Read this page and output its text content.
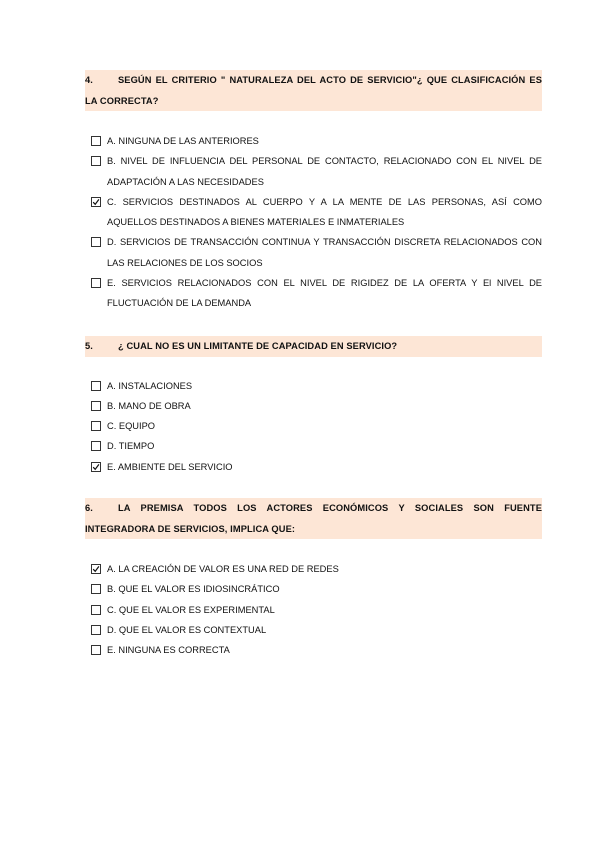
4.	SEGÚN EL CRITERIO " NATURALEZA DEL ACTO DE SERVICIO"¿ QUE CLASIFICACIÓN ES LA CORRECTA?
A. NINGUNA DE LAS ANTERIORES
B. NIVEL DE INFLUENCIA DEL PERSONAL DE CONTACTO, RELACIONADO CON EL NIVEL DE ADAPTACIÓN A LAS NECESIDADES
C. SERVICIOS DESTINADOS AL CUERPO Y A LA MENTE DE LAS PERSONAS, ASÍ COMO AQUELLOS DESTINADOS A BIENES MATERIALES E INMATERIALES
D. SERVICIOS DE TRANSACCIÓN CONTINUA Y TRANSACCIÓN DISCRETA RELACIONADOS CON LAS RELACIONES DE LOS SOCIOS
E. SERVICIOS RELACIONADOS CON EL NIVEL DE RIGIDEZ DE LA OFERTA Y El NIVEL DE FLUCTUACIÓN DE LA DEMANDA
5.	¿ CUAL NO ES UN LIMITANTE DE CAPACIDAD EN SERVICIO?
A. INSTALACIONES
B. MANO DE OBRA
C. EQUIPO
D. TIEMPO
E. AMBIENTE DEL SERVICIO
6.	LA PREMISA TODOS LOS ACTORES ECONÓMICOS Y SOCIALES SON FUENTE INTEGRADORA DE SERVICIOS, IMPLICA QUE:
A. LA CREACIÓN DE VALOR ES UNA RED DE REDES
B. QUE EL VALOR ES IDIOSINCRÁTICO
C. QUE EL VALOR ES EXPERIMENTAL
D. QUE EL VALOR ES CONTEXTUAL
E. NINGUNA ES CORRECTA
